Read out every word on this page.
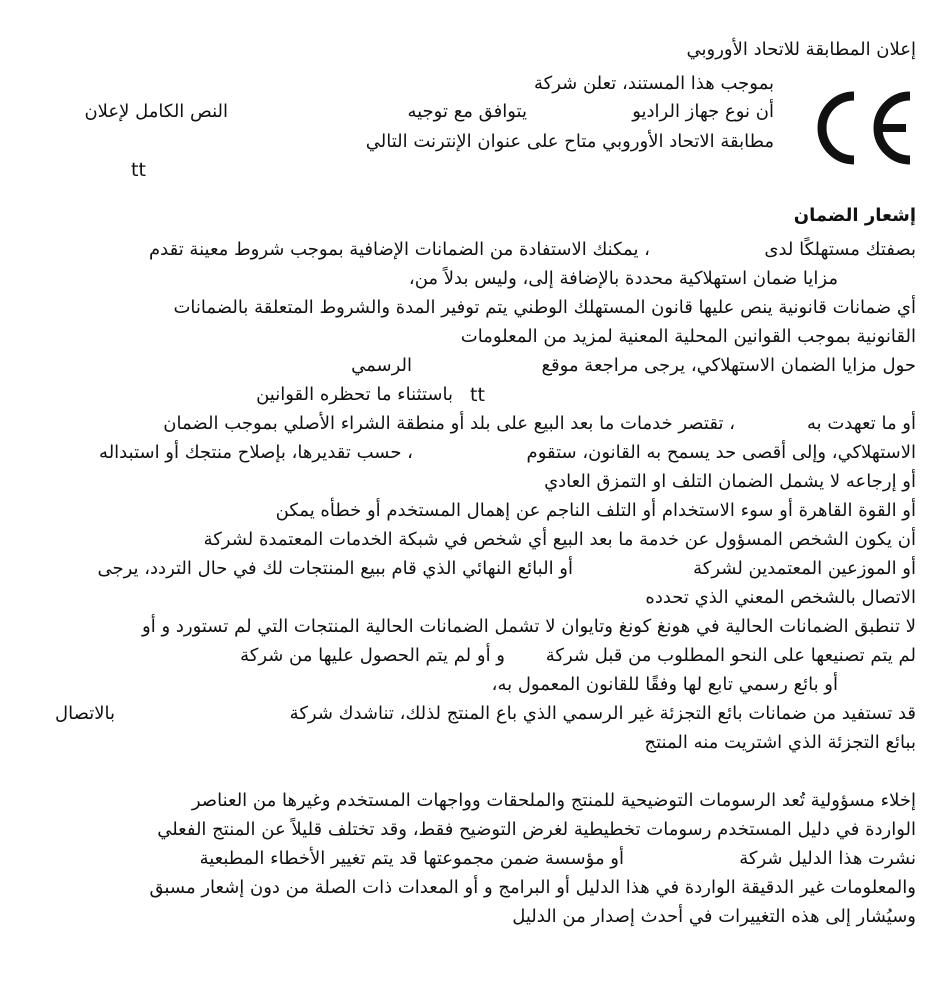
إعلان المطابقة للاتحاد الأوروبي
بموجب هذا المستند، تعلن شركة
أن نوع جهاز الراديو
يتوافق مع توجيه
النص الكامل لإعلان
مطابقة الاتحاد الأوروبي متاح على عنوان الإنترنت التالي
tt
إشعار الضمان
بصفتك مستهلكًا لدى
، يمكنك الاستفادة من الضمانات الإضافية بموجب شروط معينة تقدم
مزايا ضمان استهلاكية محددة بالإضافة إلى، وليس بدلاً من،
أي ضمانات قانونية ينص عليها قانون المستهلك الوطني يتم توفير المدة والشروط المتعلقة بالضمانات
القانونية بموجب القوانين المحلية المعنية لمزيد من المعلومات
حول مزايا الضمان الاستهلاكي، يرجى مراجعة موقع
الرسمي
باستثناء ما تحظره القوانين tt
أو ما تعهدت به
، تقتصر خدمات ما بعد البيع على بلد أو منطقة الشراء الأصلي بموجب الضمان
الاستهلاكي، وإلى أقصى حد يسمح به القانون، ستقوم
، حسب تقديرها، بإصلاح منتجك أو استبداله
أو إرجاعه لا يشمل الضمان التلف او التمزق العادي
أو القوة القاهرة أو سوء الاستخدام أو التلف الناجم عن إهمال المستخدم أو خطأه يمكن
أن يكون الشخص المسؤول عن خدمة ما بعد البيع أي شخص في شبكة الخدمات المعتمدة لشركة
أو الموزعين المعتمدين لشركة
أو البائع النهائي الذي قام ببيع المنتجات لك في حال التردد، يرجى
الاتصال بالشخص المعني الذي تحدده
لا تنطبق الضمانات الحالية في هونغ كونغ وتايوان لا تشمل الضمانات الحالية المنتجات التي لم تستورد و أو
لم يتم تصنيعها على النحو المطلوب من قبل شركة
و أو لم يتم الحصول عليها من شركة
أو بائع رسمي تابع لها وفقًا للقانون المعمول به،
قد تستفيد من ضمانات بائع التجزئة غير الرسمي الذي باع المنتج لذلك، تناشدك شركة
بالاتصال
ببائع التجزئة الذي اشتريت منه المنتج
إخلاء مسؤولية تُعد الرسومات التوضيحية للمنتج والملحقات وواجهات المستخدم وغيرها من العناصر
الواردة في دليل المستخدم رسومات تخطيطية لغرض التوضيح فقط، وقد تختلف قليلاً عن المنتج الفعلي
نشرت هذا الدليل شركة
أو مؤسسة ضمن مجموعتها قد يتم تغيير الأخطاء المطبعية
والمعلومات غير الدقيقة الواردة في هذا الدليل أو البرامج و أو المعدات ذات الصلة من دون إشعار مسبق
وسيُشار إلى هذه التغييرات في أحدث إصدار من الدليل
